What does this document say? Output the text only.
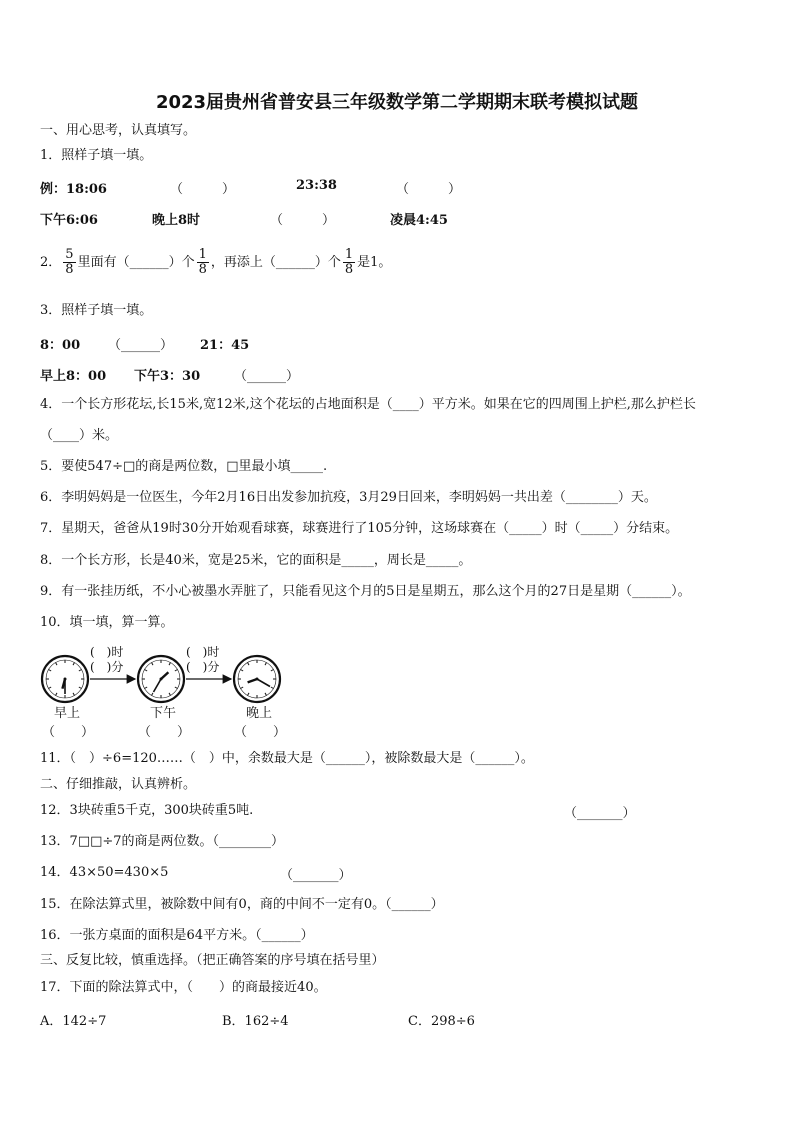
2023届贵州省普安县三年级数学第二学期期末联考模拟试题
一、用心思考，认真填写。
1．照样子填一填。
例：18:06	（　　　）	23:38	（　　　）
下午6:06	晚上8时	（　　　）	凌晨4:45
2． $\frac{5}{8}$ 里面有（______）个 $\frac{1}{8}$ ，再添上（______）个 $\frac{1}{8}$ 是1。
3．照样子填一填。
8：00 （______） 21：45
早上8：00 下午3：30	（______）
4．一个长方形花坛,长15米,宽12米,这个花坛的占地面积是（____）平方米。如果在它的四周围上护栏,那么护栏长
（____）米。
5．要使547÷□的商是两位数，□里最小填_____.
6．李明妈妈是一位医生，今年2月16日出发参加抗疫，3月29日回来，李明妈妈一共出差（________）天。
7．星期天，爸爸从19时30分开始观看球赛，球赛进行了105分钟，这场球赛在（_____）时（_____）分结束。
8．一个长方形，长是40米，宽是25米，它的面积是_____，周长是_____。
9．有一张挂历纸，不小心被墨水弄脏了，只能看见这个月的5日是星期五，那么这个月的27日是星期（______）。
10．填一填，算一算。
(　)时
(　)分
(　)时
(　)分
早上	下午	晚上
（　　）	（　　）	（　　）
11．（　）÷6=120……（　）中，余数最大是（______），被除数最大是（______）。
二、仔细推敲，认真辨析。
12．3块砖重5千克，300块砖重5吨.	（_______）
13．7□□÷7的商是两位数。（________）
14．43×50=430×5	（_______）
15．在除法算式里，被除数中间有0，商的中间不一定有0。（______）
16．一张方桌面的面积是64平方米。（______）
三、反复比较，慎重选择。（把正确答案的序号填在括号里）
17．下面的除法算式中，（　　）的商最接近40。
A．142÷7	B．162÷4	C．298÷6
